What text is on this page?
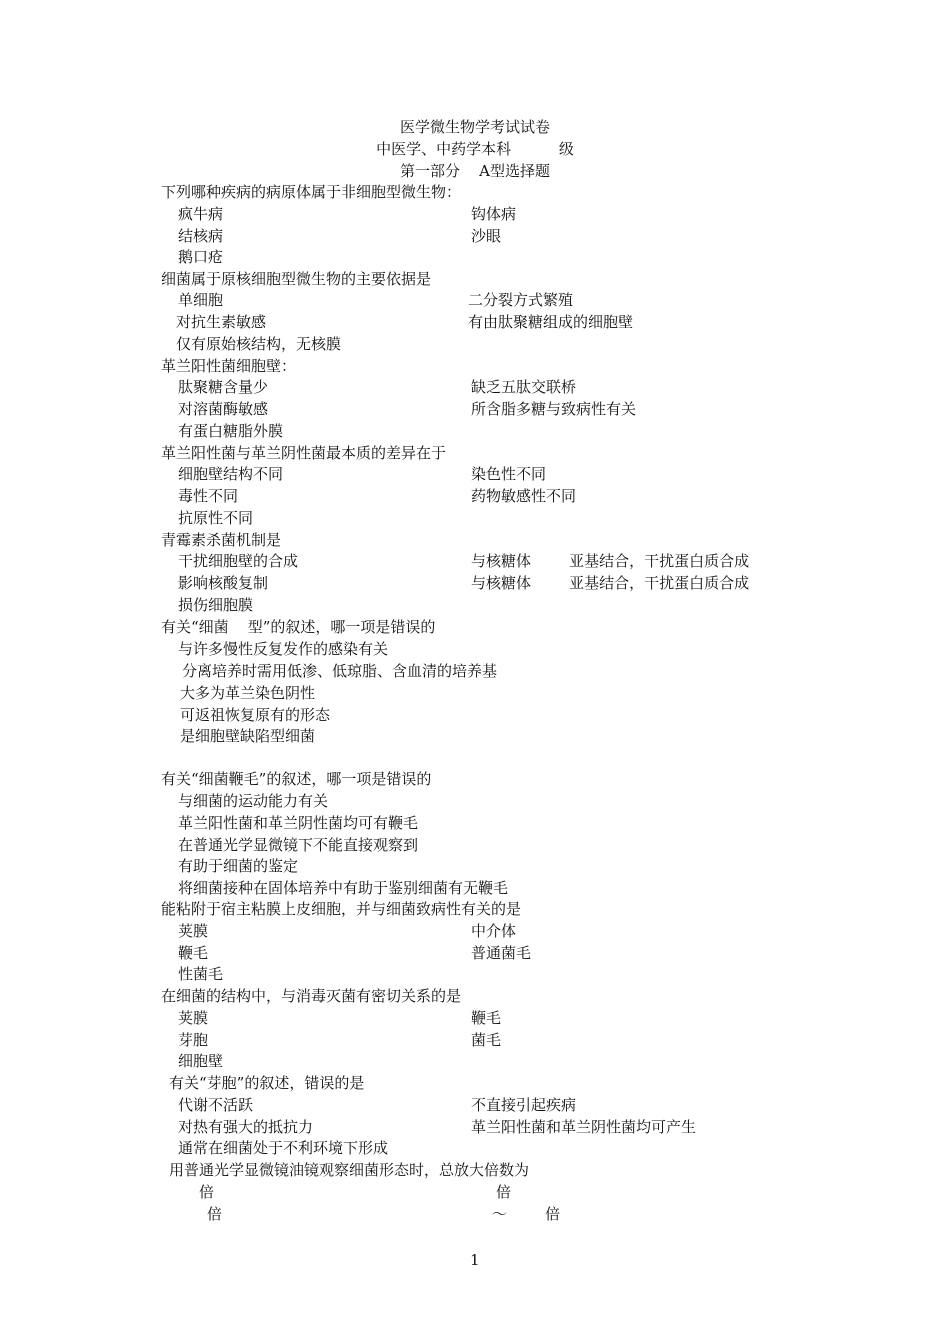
医学微生物学考试试卷
中医学、中药学本科          级
第一部分    A型选择题
下列哪种疾病的病原体属于非细胞型微生物：
疯牛病	钩体病
结核病	沙眼
鹅口疮
细菌属于原核细胞型微生物的主要依据是
单细胞	二分裂方式繁殖
对抗生素敏感	有由肽聚糖组成的细胞壁
仅有原始核结构，无核膜
革兰阳性菌细胞壁：
肽聚糖含量少	缺乏五肽交联桥
对溶菌酶敏感	所含脂多糖与致病性有关
有蛋白糖脂外膜
革兰阳性菌与革兰阴性菌最本质的差异在于
细胞壁结构不同	染色性不同
毒性不同	药物敏感性不同
抗原性不同
青霉素杀菌机制是
干扰细胞壁的合成	与核糖体        亚基结合，干扰蛋白质合成
影响核酸复制	与核糖体        亚基结合，干扰蛋白质合成
损伤细胞膜
有关“细菌    型”的叙述，哪一项是错误的
与许多慢性反复发作的感染有关
分离培养时需用低渗、低琼脂、含血清的培养基
大多为革兰染色阴性
可返祖恢复原有的形态
是细胞壁缺陷型细菌
有关“细菌鞭毛”的叙述，哪一项是错误的
与细菌的运动能力有关
革兰阳性菌和革兰阴性菌均可有鞭毛
在普通光学显微镜下不能直接观察到
有助于细菌的鉴定
将细菌接种在固体培养中有助于鉴别细菌有无鞭毛
能粘附于宿主粘膜上皮细胞，并与细菌致病性有关的是
荚膜	中介体
鞭毛	普通菌毛
性菌毛
在细菌的结构中，与消毒灭菌有密切关系的是
荚膜	鞭毛
芽胞	菌毛
细胞壁
有关“芽胞”的叙述，错误的是
代谢不活跃	不直接引起疾病
对热有强大的抵抗力	革兰阳性菌和革兰阴性菌均可产生
通常在细菌处于不利环境下形成
用普通光学显微镜油镜观察细菌形态时，总放大倍数为
倍	倍
倍	～        倍
1
